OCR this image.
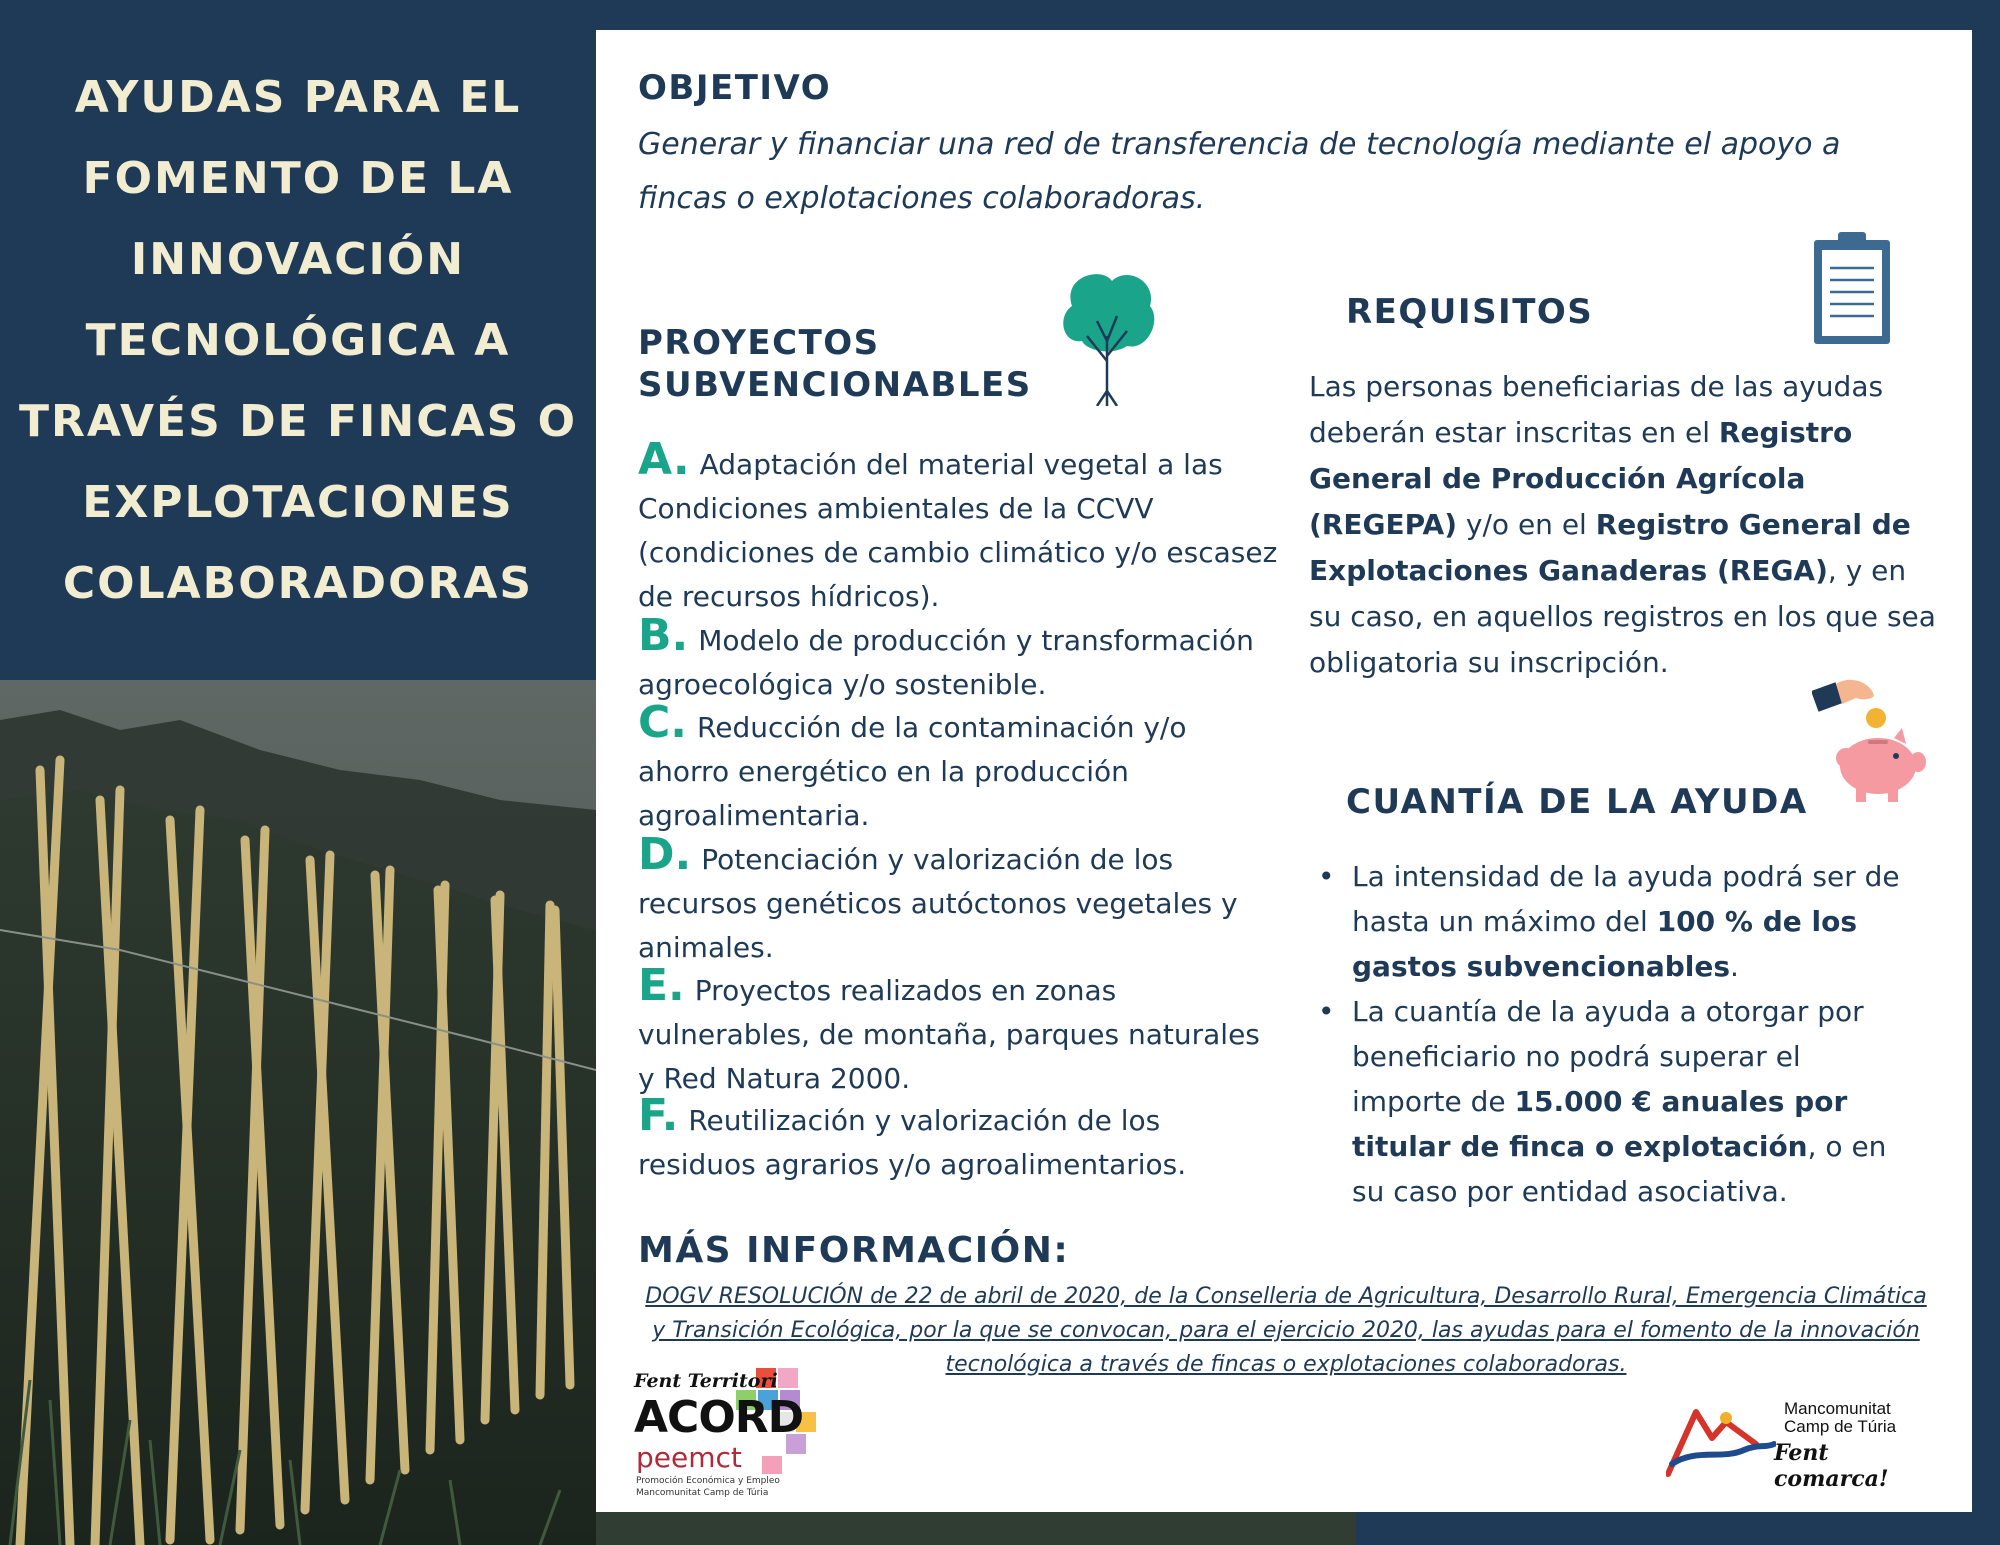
AYUDAS PARA EL FOMENTO DE LA INNOVACIÓN TECNOLÓGICA A TRAVÉS DE FINCAS O EXPLOTACIONES COLABORADORAS
OBJETIVO
Generar y financiar una red de transferencia de tecnología mediante el apoyo a fincas o explotaciones colaboradoras.
PROYECTOS
SUBVENCIONABLES
A. Adaptación del material vegetal a las Condiciones ambientales de la CCVV (condiciones de cambio climático y/o escasez de recursos hídricos).
B. Modelo de producción y transformación agroecológica y/o sostenible.
C. Reducción de la contaminación y/o ahorro energético en la producción agroalimentaria.
D. Potenciación y valorización de los recursos genéticos autóctonos vegetales y animales.
E. Proyectos realizados en zonas vulnerables, de montaña, parques naturales y Red Natura 2000.
F. Reutilización y valorización de los residuos agrarios y/o agroalimentarios.
REQUISITOS
Las personas beneficiarias de las ayudas deberán estar inscritas en el Registro General de Producción Agrícola (REGEPA) y/o en el Registro General de Explotaciones Ganaderas (REGA), y en su caso, en aquellos registros en los que sea obligatoria su inscripción.
CUANTÍA DE LA AYUDA
• La intensidad de la ayuda podrá ser de hasta un máximo del 100 % de los gastos subvencionables.
• La cuantía de la ayuda a otorgar por beneficiario no podrá superar el importe de 15.000 € anuales por titular de finca o explotación, o en su caso por entidad asociativa.
MÁS INFORMACIÓN:
DOGV RESOLUCIÓN de 22 de abril de 2020, de la Conselleria de Agricultura, Desarrollo Rural, Emergencia Climática y Transición Ecológica, por la que se convocan, para el ejercicio 2020, las ayudas para el fomento de la innovación tecnológica a través de fincas o explotaciones colaboradoras.
Fent Territori
ACORD
peemct
Promoción Económica y Empleo
Mancomunitat Camp de Túria
Mancomunitat
Camp de Túria
Fent comarca!
